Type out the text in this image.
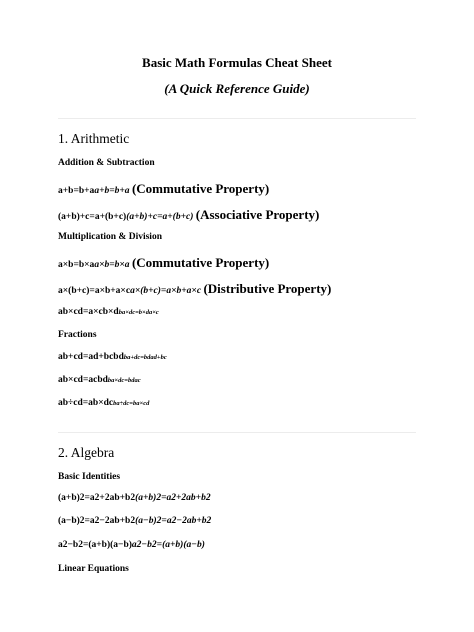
Basic Math Formulas Cheat Sheet
(A Quick Reference Guide)
1. Arithmetic
Addition & Subtraction
a+b=b+aa+b=b+a (Commutative Property)
(a+b)+c=a+(b+c)(a+b)+c=a+(b+c) (Associative Property)
Multiplication & Division
a×b=b×aa×b=b×a (Commutative Property)
a×(b+c)=a×b+a×ca×(b+c)=a×b+a×c (Distributive Property)
ab×cd=a×cb×dba×dc=b×da×c
Fractions
ab+cd=ad+bcbdba+dc=bdad+bc
ab×cd=acbdba×dc=bdac
ab÷cd=ab×dcba÷dc=ba×cd
2. Algebra
Basic Identities
(a+b)2=a2+2ab+b2(a+b)2=a2+2ab+b2
(a−b)2=a2−2ab+b2(a−b)2=a2−2ab+b2
a2−b2=(a+b)(a−b)a2−b2=(a+b)(a−b)
Linear Equations
